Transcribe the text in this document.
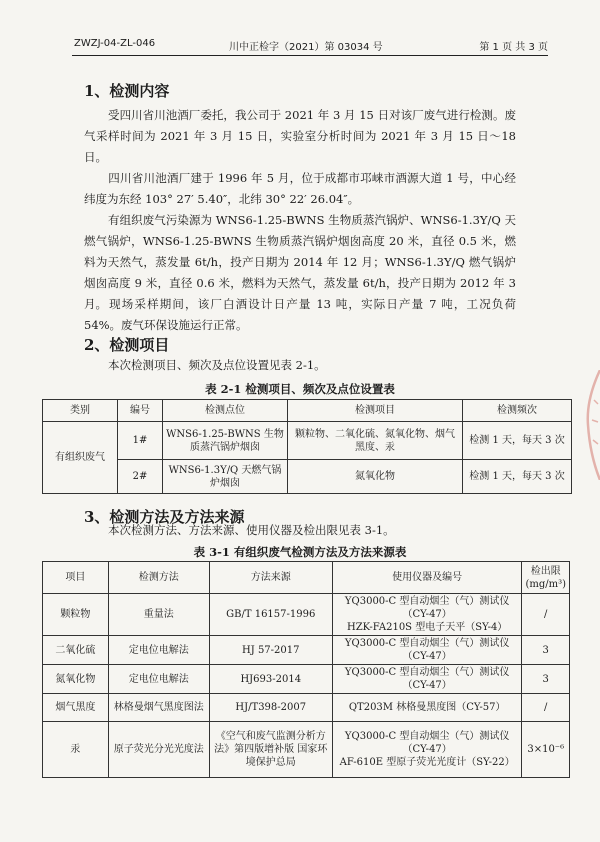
ZWZJ-04-ZL-046	川中正检字（2021）第 03034 号	第 1 页 共 3 页
1、检测内容
受四川省川池酒厂委托，我公司于 2021 年 3 月 15 日对该厂废气进行检测。废气采样时间为 2021 年 3 月 15 日，实验室分析时间为 2021 年 3 月 15 日～18 日。
四川省川池酒厂建于 1996 年 5 月，位于成都市邛崃市酒源大道 1 号，中心经纬度为东经 103° 27′ 5.40″，北纬 30° 22′ 26.04″。
有组织废气污染源为 WNS6-1.25-BWNS 生物质蒸汽锅炉、WNS6-1.3Y/Q 天燃气锅炉，WNS6-1.25-BWNS 生物质蒸汽锅炉烟囱高度 20 米，直径 0.5 米，燃料为天然气，蒸发量 6t/h，投产日期为 2014 年 12 月；WNS6-1.3Y/Q 燃气锅炉烟囱高度 9 米，直径 0.6 米，燃料为天然气，蒸发量 6t/h，投产日期为 2012 年 3 月。 现场采样期间，该厂白酒设计日产量 13 吨，实际日产量 7 吨，工况负荷 54%。废气环保设施运行正常。
2、检测项目
本次检测项目、频次及点位设置见表 2-1。
表 2-1 检测项目、频次及点位设置表
类别	编号	检测点位	检测项目	检测频次
有组织废气	1#	WNS6-1.25-BWNS 生物质蒸汽锅炉烟囱	颗粒物、二氧化硫、氮氧化物、烟气黑度、汞	检测 1 天，每天 3 次
	2#	WNS6-1.3Y/Q 天燃气锅炉烟囱	氮氧化物	检测 1 天，每天 3 次
3、检测方法及方法来源
本次检测方法、方法来源、使用仪器及检出限见表 3-1。
表 3-1 有组织废气检测方法及方法来源表
项目	检测方法	方法来源	使用仪器及编号	检出限 (mg/m³)
颗粒物	重量法	GB/T 16157-1996	YQ3000-C 型自动烟尘（气）测试仪（CY-47）
HZK-FA210S 型电子天平（SY-4）	/
二氧化硫	定电位电解法	HJ 57-2017	YQ3000-C 型自动烟尘（气）测试仪（CY-47）	3
氮氧化物	定电位电解法	HJ693-2014	YQ3000-C 型自动烟尘（气）测试仪（CY-47）	3
烟气黑度	林格曼烟气黑度图法	HJ/T398-2007	QT203M 林格曼黑度图（CY-57）	/
汞	原子荧光分光光度法	《空气和废气监测分析方法》第四版增补版 国家环境保护总局	YQ3000-C 型自动烟尘（气）测试仪（CY-47）
AF-610E 型原子荧光光度计（SY-22）	3×10⁻⁶
